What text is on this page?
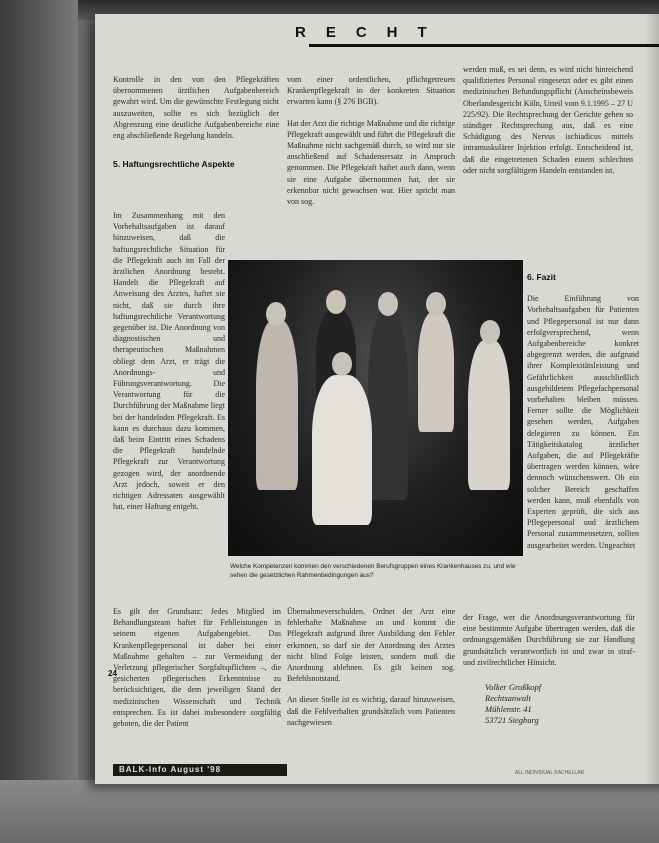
RECHT

Kontrolle in den von den Pflegekräften übernommenen ärztlichen Aufgabenbereich gewahrt wird. Um die gewünschte Festlegung nicht auszuweiten, sollte es sich bezüglich der Abgrenzung eine deutliche Aufgabenbereiche eine eng abschließende Regelung handeln.

5. Haftungsrechtliche Aspekte

Im Zusammenhang mit den Vorbehaltsaufgaben ist darauf hinzuweisen, daß die haftungsrechtliche Situation für die Pflegekraft auch im Fall der ärztlichen Anordnung besteht. Handelt die Pflegekraft auf Anweisung des Arztes, haftet sie nicht, daß sie durch ihre haftungsrechtliche Verantwortung gegenüber ist. Die Anordnung von diagnostischen und therapeutischen Maßnahmen obliegt dem Arzt, er trägt die Anordnungs- und Führungsverantwortung. Die Verantwortung für die Durchführung der Maßnahme liegt bei der handelnden Pflegekraft. Es kann es durchaus dazu kommen, daß beim Eintritt eines Schadens die Pflegekraft handelnde Pflegekraft zur Verantwortung gezogen wird, der anordnende Arzt jedoch, soweit er den richtigen Adressaten ausgewählt hat, einer Haftung entgeht.

vom einer ordentlichen, pflichtgetreuen Krankenpflegekraft in der konkreten Situation erwarten kann (§ 276 BGB).

Hat der Arzt die richtige Maßnahme und die richtige Pflegekraft ausgewählt und führt die Pflegekraft die Maßnahme nicht sachgemäß durch, so wird nur sie anschließend auf Schadensersatz in Anspruch genommen. Die Pflegekraft haftet auch dann, wenn sie eine Aufgabe übernommen hat, der sie erkennbar nicht gewachsen war. Hier spricht man von sog.

werden muß, es sei denn, es wird nicht hinreichend qualifiziertes Personal eingesetzt oder es gibt einen medizinischen Befundungspflicht (Anscheinsbeweis Oberlandesgericht Köln, Urteil vom 9.1.1995 – 27 U 225/92). Die Rechtsprechung der Gerichte gehen so ständiger Rechtsprechung aus, daß es eine Schädigung des Nervus ischiadicus mittels intramuskulärer Injektion erfolgt. Entscheidend ist, daß die eingetretenen Schaden einem schlechten oder nicht sorgfältigem Handeln entstanden ist.

6. Fazit

Die Einführung von Vorbehaltsaufgaben für Patienten und Pflegepersonal ist nur dann erfolgversprechend, wenn Aufgabenbereiche konkret abgegrenzt werden, die aufgrund ihrer Komplexitätsleistung und Gefährlichkeit ausschließlich ausgebildetem Pflegefachpersonal vorbehalten bleiben müssen. Ferner sollte die Möglichkeit gesehen werden, Aufgaben delegieren zu können. Ein Tätigkeitskatalog ärztlicher Aufgaben, die auf Pflegekräfte übertragen werden können, wäre dennoch wünschenswert. Ob ein solcher Bereich geschaffen werden kann, muß ebenfalls von Experten geprüft, die sich aus Pflegepersonal und ärztlichem Personal zusammensetzen, sollten ausgearbeitet werden. Ungeachtet

Welche Kompetenzen kommen den verschiedenen Berufsgruppen eines Krankenhauses zu, und wie sehen die gesetzlichen Rahmenbedingungen aus?

Es gilt der Grundsatz: Jedes Mitglied im Behandlungsteam haftet für Fehlleistungen in seinem eigenen Aufgabengebiet. Das Krankenpflegepersonal ist daher bei einer Maßnahme gehalten – zur Vermeidung der Verletzung pflegerischer Sorgfaltspflichten –, die gesicherten pflegerischen Erkenntnisse zu berücksichtigen, die dem jeweiligen Stand der medizinischen Wissenschaft und Technik entsprechen. Es ist dabei insbesondere sorgfältig geboten, die der Patient

Übernahmeverschulden. Ordnet der Arzt eine fehlerhafte Maßnahme an und kommt die Pflegekraft aufgrund ihrer Ausbildung den Fehler erkennen, so darf sie der Anordnung des Arztes nicht blind Folge leisten, sondern muß die Anordnung ablehnen. Es gilt keinen sog. Befehlsnotstand.

An dieser Stelle ist es wichtig, darauf hinzuweisen, daß die Fehlverhalten grundsätzlich vom Patienten nachgewiesen

der Frage, wer die Anordnungsverantwortung für eine bestimmte Aufgabe übertragen werden, daß die ordnungsgemäßen Durchführung sie zur Handlung grundsätzlich verantwortlich ist und zwar in straf- und zivilrechtlicher Hinsicht.

Volker Großkopf
Rechtsanwalt
Mühlenstr. 41
53721 Siegburg
24
BALK-Info August '98	ALL INDIVIDUAL KACHELLAR
